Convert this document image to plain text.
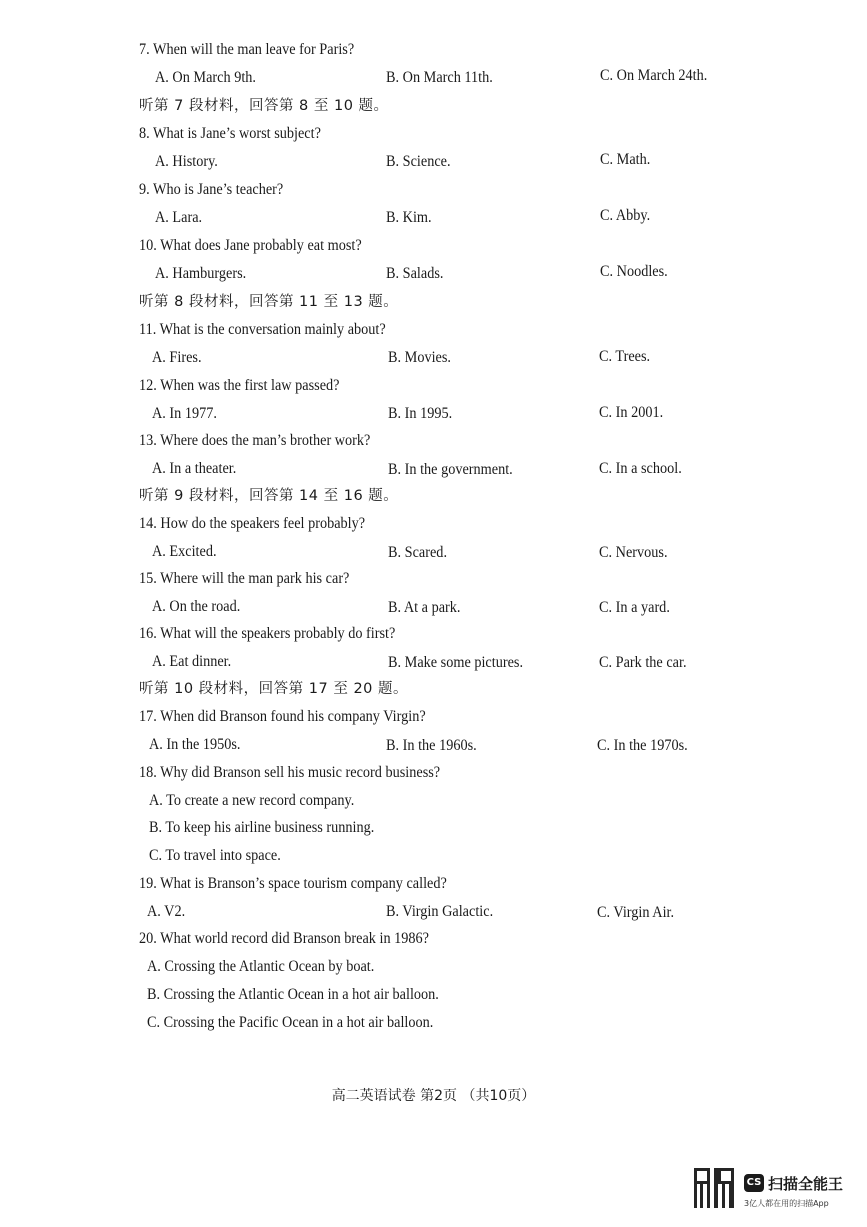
7. When will the man leave for Paris?
A. On March 9th.	B. On March 11th.	C. On March 24th.
听第 7 段材料，回答第 8 至 10 题。
8. What is Jane’s worst subject?
A. History.	B. Science.	C. Math.
9. Who is Jane’s teacher?
A. Lara.	B. Kim.	C. Abby.
10. What does Jane probably eat most?
A. Hamburgers.	B. Salads.	C. Noodles.
听第 8 段材料，回答第 11 至 13 题。
11. What is the conversation mainly about?
A. Fires.	B. Movies.	C. Trees.
12. When was the first law passed?
A. In 1977.	B. In 1995.	C. In 2001.
13. Where does the man’s brother work?
A. In a theater.	B. In the government.	C. In a school.
听第 9 段材料，回答第 14 至 16 题。
14. How do the speakers feel probably?
A. Excited.	B. Scared.	C. Nervous.
15. Where will the man park his car?
A. On the road.	B. At a park.	C. In a yard.
16. What will the speakers probably do first?
A. Eat dinner.	B. Make some pictures.	C. Park the car.
听第 10 段材料，回答第 17 至 20 题。
17. When did Branson found his company Virgin?
A. In the 1950s.	B. In the 1960s.	C. In the 1970s.
18. Why did Branson sell his music record business?
A. To create a new record company.
B. To keep his airline business running.
C. To travel into space.
19. What is Branson’s space tourism company called?
A. V2.	B. Virgin Galactic.	C. Virgin Air.
20. What world record did Branson break in 1986?
A. Crossing the Atlantic Ocean by boat.
B. Crossing the Atlantic Ocean in a hot air balloon.
C. Crossing the Pacific Ocean in a hot air balloon.
高二英语试卷 第2页 （共10页）
CS 扫描全能王
3亿人都在用的扫描App
